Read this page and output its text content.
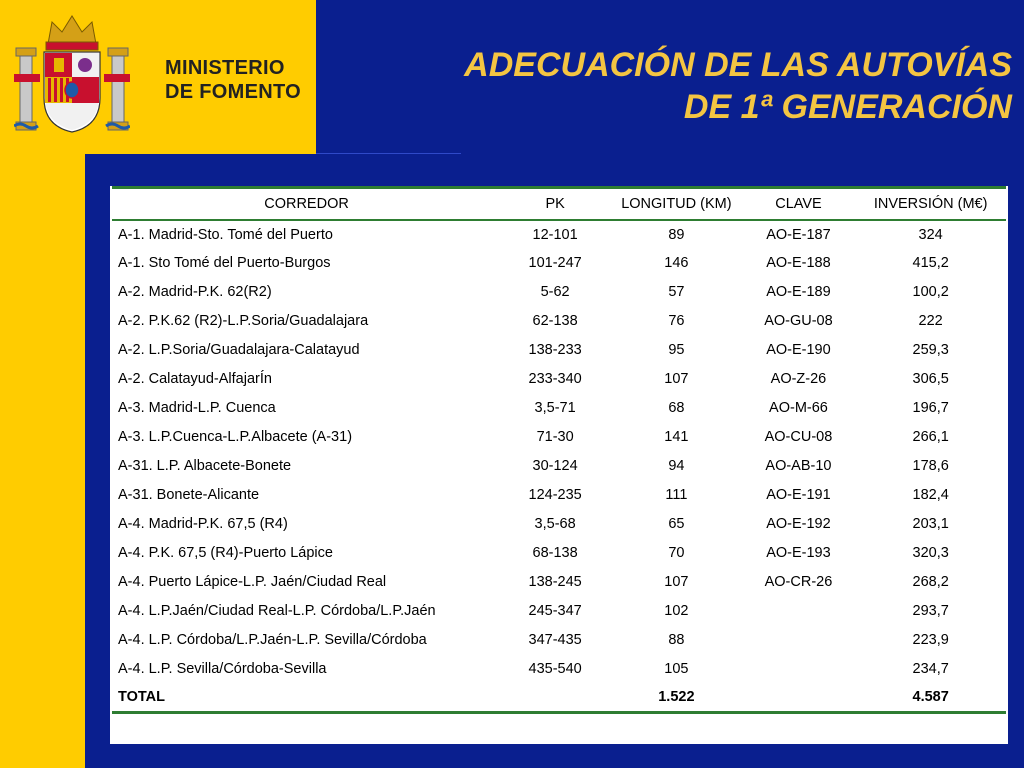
MINISTERIO
DE FOMENTO
ADECUACIÓN DE LAS AUTOVÍAS
DE 1ª GENERACIÓN
CORREDOR	PK	LONGITUD (KM)	CLAVE	INVERSIÓN (M€)
A-1. Madrid-Sto. Tomé del Puerto	12-101	89	AO-E-187	324
A-1. Sto Tomé del Puerto-Burgos	101-247	146	AO-E-188	415,2
A-2. Madrid-P.K. 62(R2)	5-62	57	AO-E-189	100,2
A-2. P.K.62 (R2)-L.P.Soria/Guadalajara	62-138	76	AO-GU-08	222
A-2. L.P.Soria/Guadalajara-Calatayud	138-233	95	AO-E-190	259,3
A-2. Calatayud-AlfajarÍn	233-340	107	AO-Z-26	306,5
A-3. Madrid-L.P. Cuenca	3,5-71	68	AO-M-66	196,7
A-3. L.P.Cuenca-L.P.Albacete (A-31)	71-30	141	AO-CU-08	266,1
A-31. L.P. Albacete-Bonete	30-124	94	AO-AB-10	178,6
A-31. Bonete-Alicante	124-235	111	AO-E-191	182,4
A-4. Madrid-P.K. 67,5 (R4)	3,5-68	65	AO-E-192	203,1
A-4. P.K. 67,5 (R4)-Puerto Lápice	68-138	70	AO-E-193	320,3
A-4. Puerto Lápice-L.P. Jaén/Ciudad Real	138-245	107	AO-CR-26	268,2
A-4. L.P.Jaén/Ciudad Real-L.P. Córdoba/L.P.Jaén	245-347	102		293,7
A-4. L.P. Córdoba/L.P.Jaén-L.P. Sevilla/Córdoba	347-435	88		223,9
A-4. L.P. Sevilla/Córdoba-Sevilla	435-540	105		234,7
TOTAL		1.522		4.587
